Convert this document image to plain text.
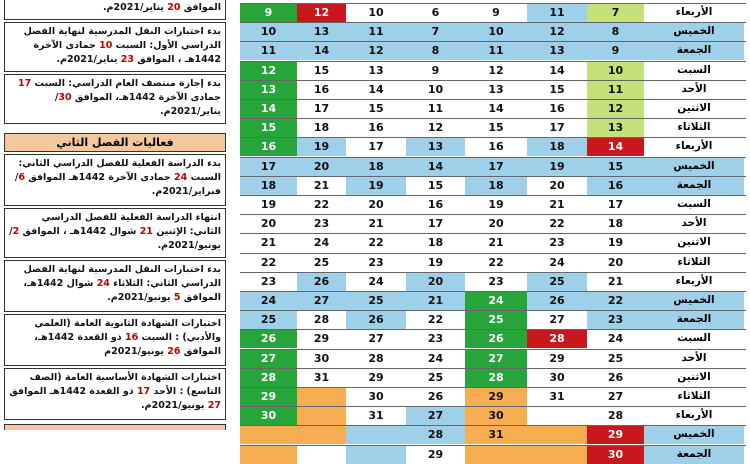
الموافق 20 يناير/2021م.
بدء اختبارات النقل المدرسية لنهاية الفصل الدراسي الأول: السبت 10 جمادى الآخرة 1442هـ ، الموافق 23 يناير/2021م.
بدء إجازة منتصف العام الدراسي: السبت 17 جمادى الآخرة 1442هـ، الموافق 30/ يناير/2021م.
فعاليات الفصل الثاني
بدء الدراسة الفعلية للفصل الدراسي الثاني: السبت 24 جمادى الآخرة 1442هـ الموافق 6/ فبراير/2021م.
انتهاء الدراسة الفعلية للفصل الدراسي الثاني: الإثنين 21 شوال 1442هـ ، الموافق 2/ يونيو/2021م.
بدء اختبارات النقل المدرسية لنهاية الفصل الدراسي الثاني: الثلاثاء 24 شوال 1442هـ، الموافق 5 يونيو/2021م.
اختبارات الشهادة الثانوية العامة (العلمي والأدبي) : السبت 16 ذو القعدة 1442هـ، الموافق 26 يونيو/2021م
اختبارات الشهادة الأساسية العامة (الصف التاسع) : الأحد 17 ذو القعدة 1442هـ الموافق 27 يونيو/2021م.
الأربعاء
الخميس
الجمعة
السبت
الأحد
الاثنين
الثلاثاء
الأربعاء
الخميس
الجمعة
السبت
الأحد
الاثنين
الثلاثاء
الأربعاء
الخميس
الجمعة
السبت
الأحد
الاثنين
الثلاثاء
الأربعاء
الخميس
الجمعة
7
8
9
10
11
12
13
14
15
16
17
18
19
20
21
22
23
24
25
26
27
28
29
30
11
12
13
14
15
16
17
18
19
20
21
22
23
24
25
26
27
28
29
30
31
9
10
11
12
13
14
15
16
17
18
19
20
21
22
23
24
25
26
27
28
29
30
31
6
7
8
9
10
11
12
13
14
15
16
17
18
19
20
21
22
23
24
25
26
27
28
29
10
11
12
13
14
15
16
17
18
19
20
21
22
23
24
25
26
27
28
29
30
31
12
13
14
15
16
17
18
19
20
21
22
23
24
25
26
27
28
29
30
31
9
10
11
12
13
14
15
16
17
18
19
20
21
22
23
24
25
26
27
28
29
30
